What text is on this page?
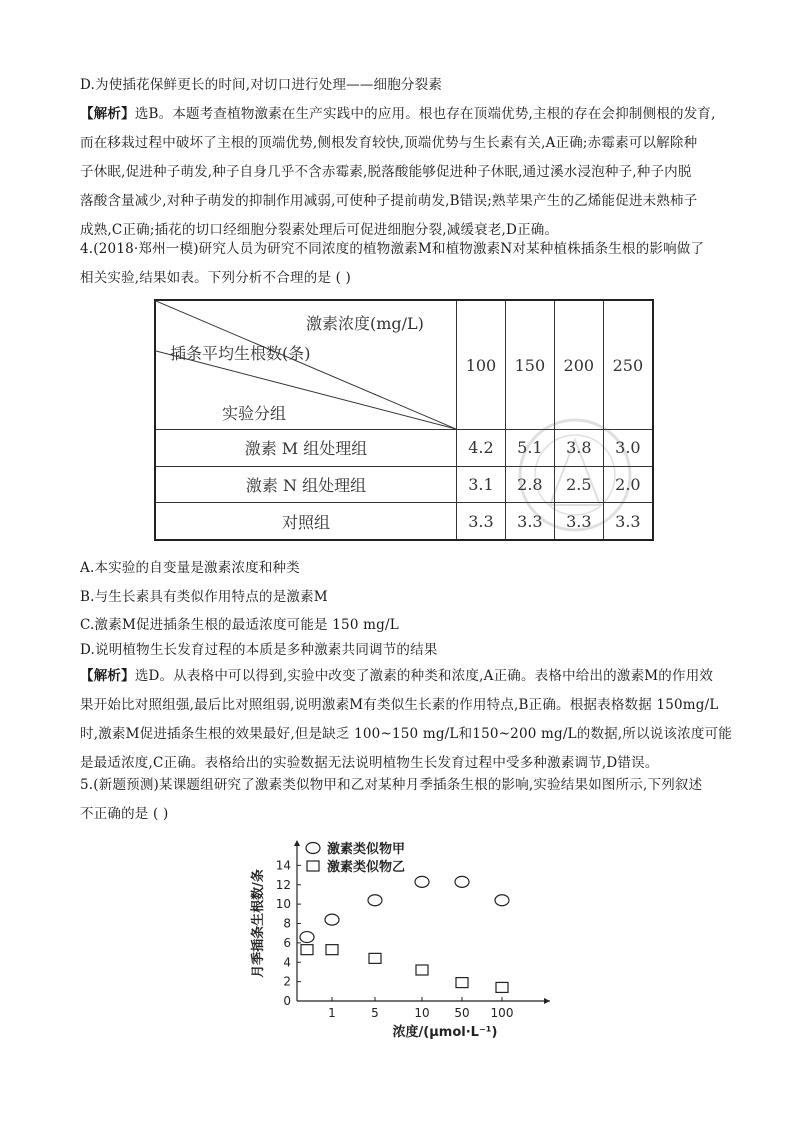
D.为使插花保鲜更长的时间,对切口进行处理——细胞分裂素
【解析】选B。本题考查植物激素在生产实践中的应用。根也存在顶端优势,主根的存在会抑制侧根的发育,
而在移栽过程中破坏了主根的顶端优势,侧根发育较快,顶端优势与生长素有关,A正确;赤霉素可以解除种
子休眠,促进种子萌发,种子自身几乎不含赤霉素,脱落酸能够促进种子休眠,通过溪水浸泡种子,种子内脱
落酸含量减少,对种子萌发的抑制作用减弱,可使种子提前萌发,B错误;熟苹果产生的乙烯能促进未熟柿子
成熟,C正确;插花的切口经细胞分裂素处理后可促进细胞分裂,减缓衰老,D正确。
4.(2018·郑州一模)研究人员为研究不同浓度的植物激素M和植物激素N对某种植株插条生根的影响做了
相关实验,结果如表。下列分析不合理的是 ( )
激素浓度(mg/L)
插条平均生根数(条)
实验分组	100	150	200	250
激素 M 组处理组	4.2	5.1	3.8	3.0
激素 N 组处理组	3.1	2.8	2.5	2.0
对照组	3.3	3.3	3.3	3.3
A.本实验的自变量是激素浓度和种类
B.与生长素具有类似作用特点的是激素M
C.激素M促进插条生根的最适浓度可能是 150 mg/L
D.说明植物生长发育过程的本质是多种激素共同调节的结果
【解析】选D。从表格中可以得到,实验中改变了激素的种类和浓度,A正确。表格中给出的激素M的作用效
果开始比对照组强,最后比对照组弱,说明激素M有类似生长素的作用特点,B正确。根据表格数据 150mg/L
时,激素M促进插条生根的效果最好,但是缺乏 100~150 mg/L和150~200 mg/L的数据,所以说该浓度可能
是最适浓度,C正确。表格给出的实验数据无法说明植物生长发育过程中受多种激素调节,D错误。
5.(新题预测)某课题组研究了激素类似物甲和乙对某种月季插条生根的影响,实验结果如图所示,下列叙述
不正确的是 ( )
0
2
4
6
8
10
12
14
1	5	10 50 100
月季插条生根数/条
浓度/(μmol·L⁻¹)
激素类似物甲
激素类似物乙
